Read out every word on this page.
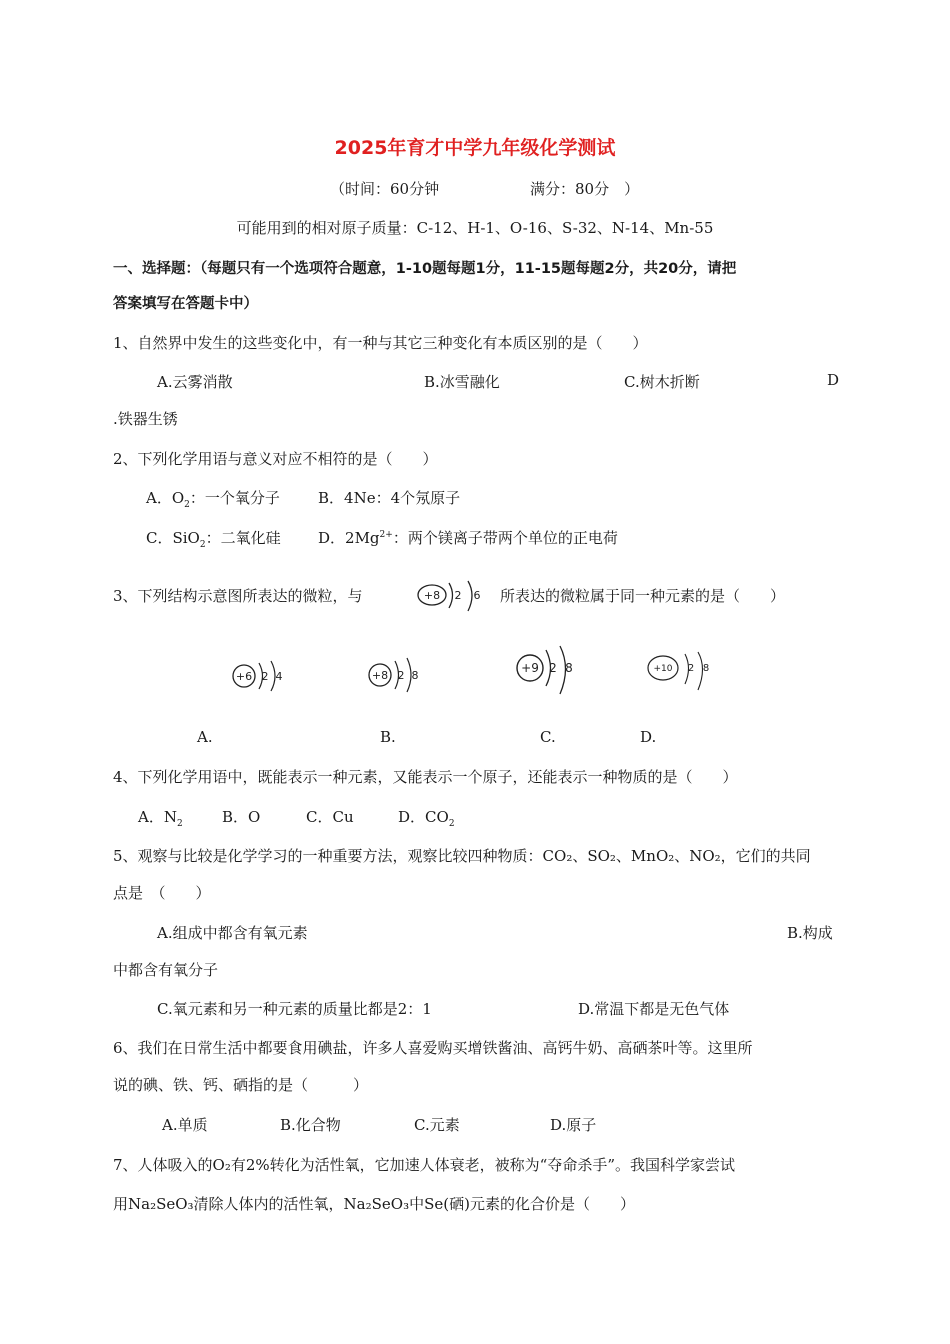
2025年育才中学九年级化学测试
（时间：60分钟	满分：80分　）
可能用到的相对原子质量：C-12、H-1、O-16、S-32、N-14、Mn-55
一、选择题：（每题只有一个选项符合题意，1-10题每题1分，11-15题每题2分，共20分，请把
答案填写在答题卡中）
1、自然界中发生的这些变化中，有一种与其它三种变化有本质区别的是（　　）
A.云雾消散	B.冰雪融化	C.树木折断	D
.铁器生锈
2、下列化学用语与意义对应不相符的是（　　）
A．$O_2$：一个氧分子	B．4Ne：4个氖原子
C．SiO$_2$：二氧化硅 D．$2Mg^{2+}$：两个镁离子带两个单位的正电荷
3、下列结构示意图所表达的微粒，与	+8 2 6 所表达的微粒属于同一种元素的是（　　）
+6 2 4	+8 2 8
+9 2 8	+10 2 8
A.	B.	C.	D.
4、下列化学用语中，既能表示一种元素，又能表示一个原子，还能表示一种物质的是（　　）
A．$N_2$	B．O	C．Cu	D．$CO_2$
5、观察与比较是化学学习的一种重要方法，观察比较四种物质：CO₂、SO₂、MnO₂、NO₂，它们的共同
点是　（　　）
A.组成中都含有氧元素	B.构成
中都含有氧分子
C.氧元素和另一种元素的质量比都是2：1	D.常温下都是无色气体
6、我们在日常生活中都要食用碘盐，许多人喜爱购买增铁酱油、高钙牛奶、高硒茶叶等。这里所
说的碘、铁、钙、硒指的是（　　　）
A.单质	B.化合物	C.元素	D.原子
7、人体吸入的O₂有2%转化为活性氧，它加速人体衰老，被称为“夺命杀手”。我国科学家尝试
用Na₂SeO₃清除人体内的活性氧，Na₂SeO₃中Se(硒)元素的化合价是（　　）
